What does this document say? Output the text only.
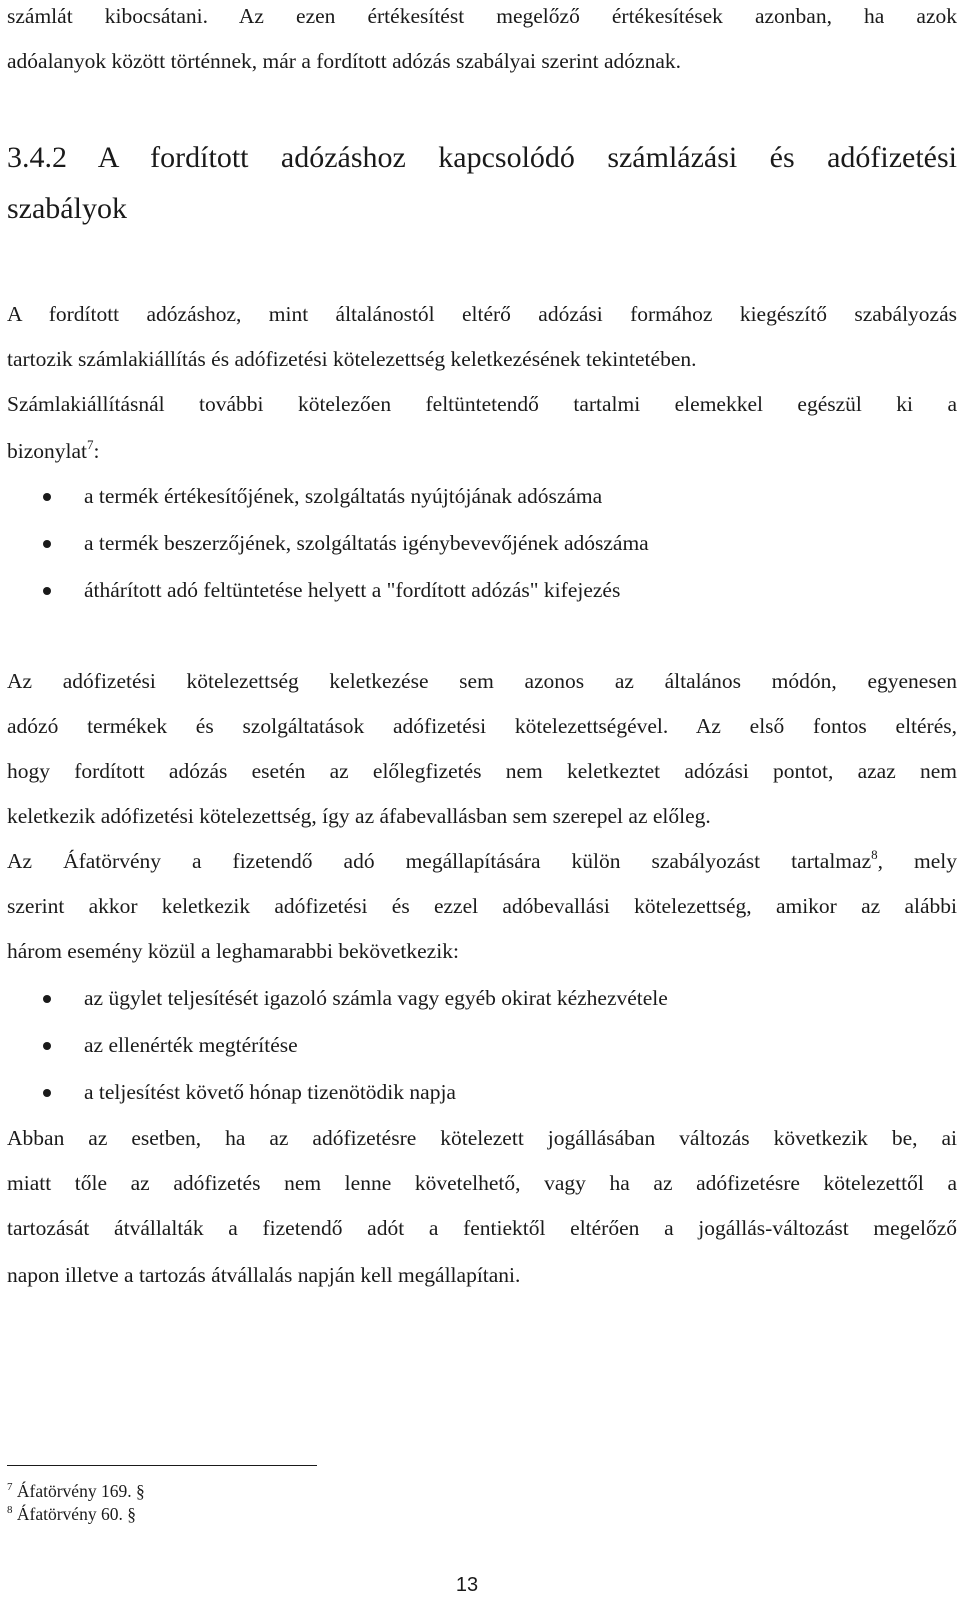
számlát kibocsátani. Az ezen értékesítést megelőző értékesítések azonban, ha azok
adóalanyok között történnek, már a fordított adózás szabályai szerint adóznak.
3.4.2 A fordított adózáshoz kapcsolódó számlázási és adófizetési
szabályok
A fordított adózáshoz, mint általánostól eltérő adózási formához kiegészítő szabályozás
tartozik számlakiállítás és adófizetési kötelezettség keletkezésének tekintetében.
Számlakiállításnál további kötelezően feltüntetendő tartalmi elemekkel egészül ki a
bizonylat$^7$:
a termék értékesítőjének, szolgáltatás nyújtójának adószáma
a termék beszerzőjének, szolgáltatás igénybevevőjének adószáma
áthárított adó feltüntetése helyett a "fordított adózás" kifejezés
Az adófizetési kötelezettség keletkezése sem azonos az általános módón, egyenesen
adózó termékek és szolgáltatások adófizetési kötelezettségével. Az első fontos eltérés,
hogy fordított adózás esetén az előlegfizetés nem keletkeztet adózási pontot, azaz nem
keletkezik adófizetési kötelezettség, így az áfabevallásban sem szerepel az előleg.
Az Áfatörvény a fizetendő adó megállapítására külön szabályozást tartalmaz$^8$, mely
szerint akkor keletkezik adófizetési és ezzel adóbevallási kötelezettség, amikor az alábbi
három esemény közül a leghamarabbi bekövetkezik:
az ügylet teljesítését igazoló számla vagy egyéb okirat kézhezvétele
az ellenérték megtérítése
a teljesítést követő hónap tizenötödik napja
Abban az esetben, ha az adófizetésre kötelezett jogállásában változás következik be, ai
miatt tőle az adófizetés nem lenne követelhető, vagy ha az adófizetésre kötelezettől a
tartozását átvállalták a fizetendő adót a fentiektől eltérően a jogállás-változást megelőző
napon illetve a tartozás átvállalás napján kell megállapítani.
$^7$ Áfatörvény 169. §
$^8$ Áfatörvény 60. §
13
